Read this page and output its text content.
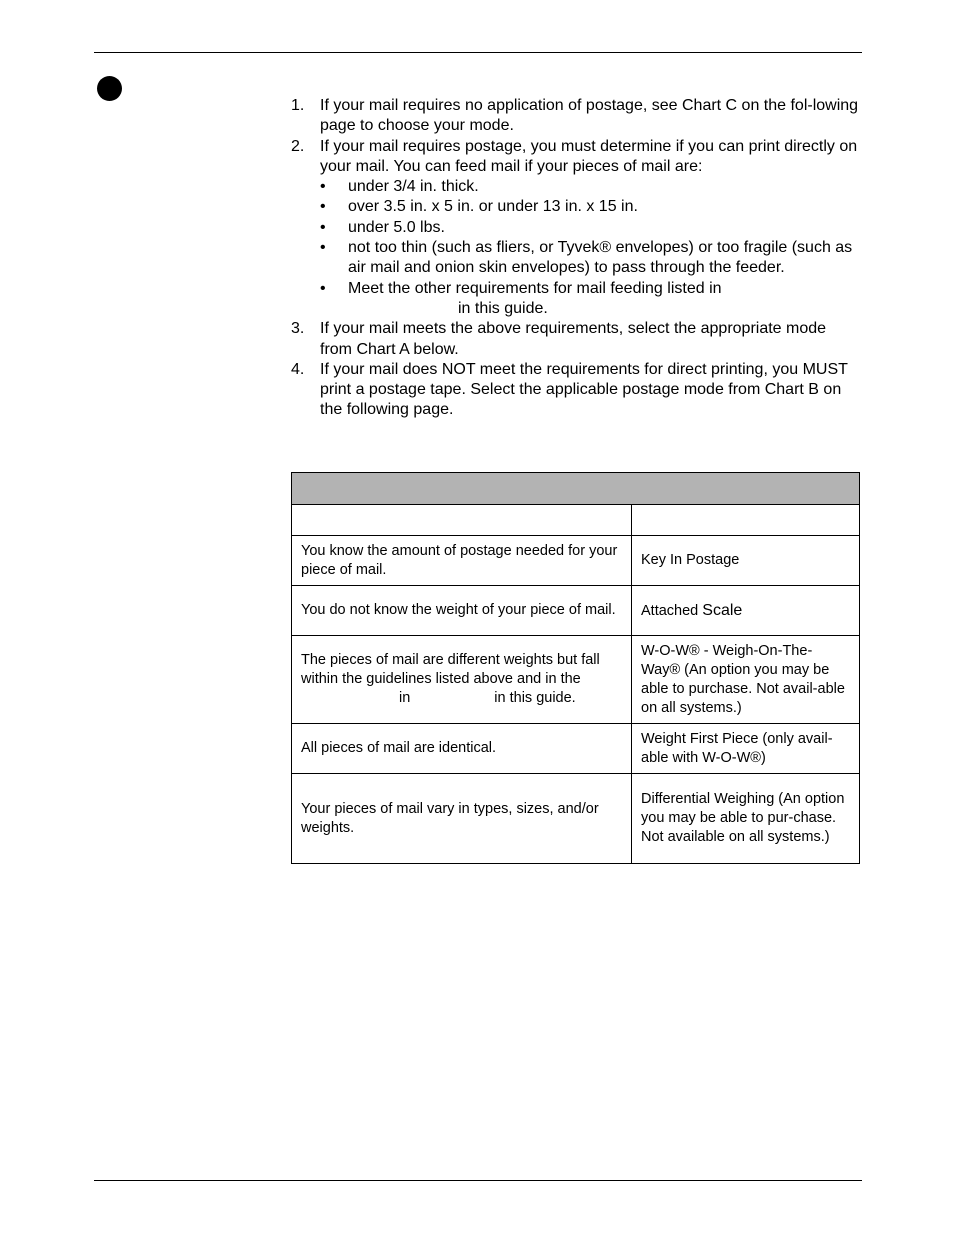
1. If your mail requires no application of postage, see Chart C on the fol-lowing page to choose your mode.
2. If your mail requires postage, you must determine if you can print directly on your mail. You can feed mail if your pieces of mail are:
• under 3/4 in. thick.
• over 3.5 in. x 5 in. or under 13 in. x 15 in.
• under 5.0 lbs.
• not too thin (such as fliers, or Tyvek® envelopes) or too fragile (such as air mail and onion skin envelopes) to pass through the feeder.
• Meet the other requirements for mail feeding listed in
in this guide.
3. If your mail meets the above requirements, select the appropriate mode from Chart A below.
4. If your mail does NOT meet the requirements for direct printing, you MUST print a postage tape. Select the applicable postage mode from Chart B on the following page.

You know the amount of postage needed for your piece of mail.	Key In Postage
You do not know the weight of your piece of mail.	Attached Scale
The pieces of mail are different weights but fall within the guidelines listed above and in the
in in this guide.	W-O-W® - Weigh-On-The-Way® (An option you may be able to purchase. Not avail-able on all systems.)
All pieces of mail are identical.	Weight First Piece (only avail-able with W-O-W®)
Your pieces of mail vary in types, sizes, and/or weights.	Differential Weighing (An option you may be able to pur-chase. Not available on all systems.)
